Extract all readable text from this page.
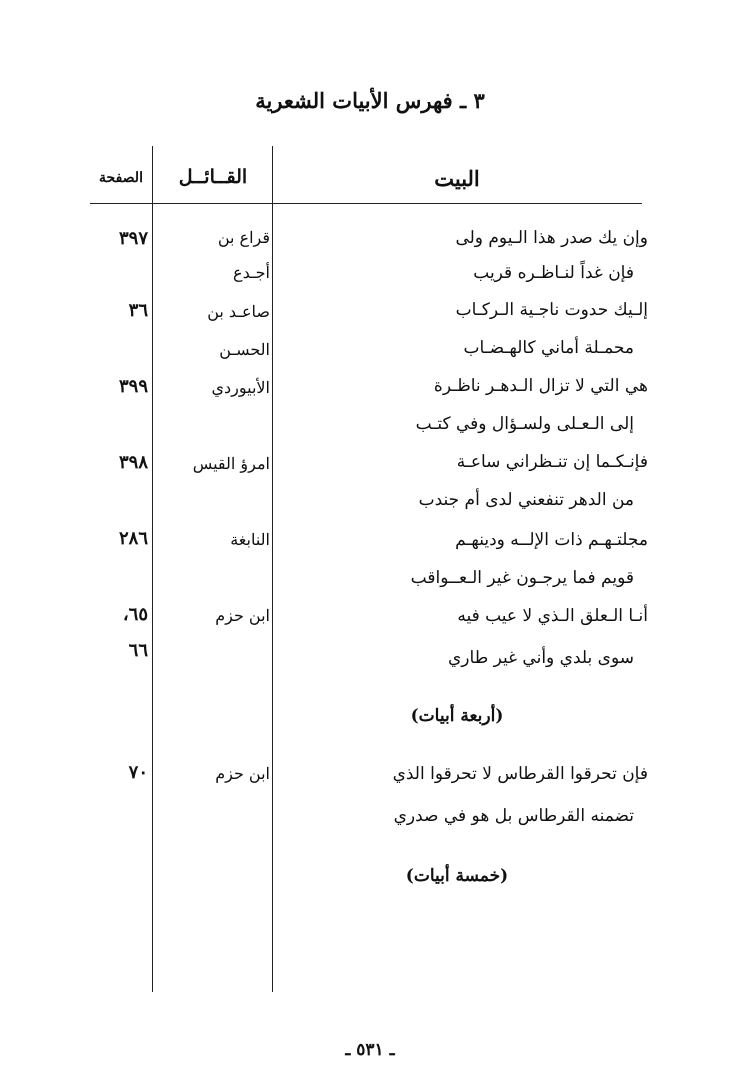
٣ ـ فهرس الأبيات الشعرية
البيت
القــائــل
الصفحة
وإن يك صدر هذا الـيوم ولى
فإن غداً لنـاظـره قريب
قراع بن
أجـدع
٣٩٧
إلـيك حدوت ناجـية الـركـاب
محمـلة أماني كالهـضـاب
صاعـد بن
الحسـن
٣٦
هي التي لا تزال الـدهـر ناظـرة
إلى الـعـلى ولسـؤال وفي كتـب
الأبيوردي
٣٩٩
فإنـكـما إن تنـظراني ساعـة
من الدهر تنفعني لدى أم جندب
امرؤ القيس
٣٩٨
مجلتـهـم ذات الإلــه ودينهـم
قويم فما يرجـون غير الـعــواقب
النابغة
٢٨٦
أنـا الـعلق الـذي لا عيب فيه
سوى بلدي وأني غير طاري
ابن حزم
٦٥،
٦٦
(أربعة أبيات)
فإن تحرقوا القرطاس لا تحرقوا الذي
تضمنه القرطاس بل هو في صدري
ابن حزم
٧٠
(خمسة أبيات)
ـ ٥٣١ ـ
